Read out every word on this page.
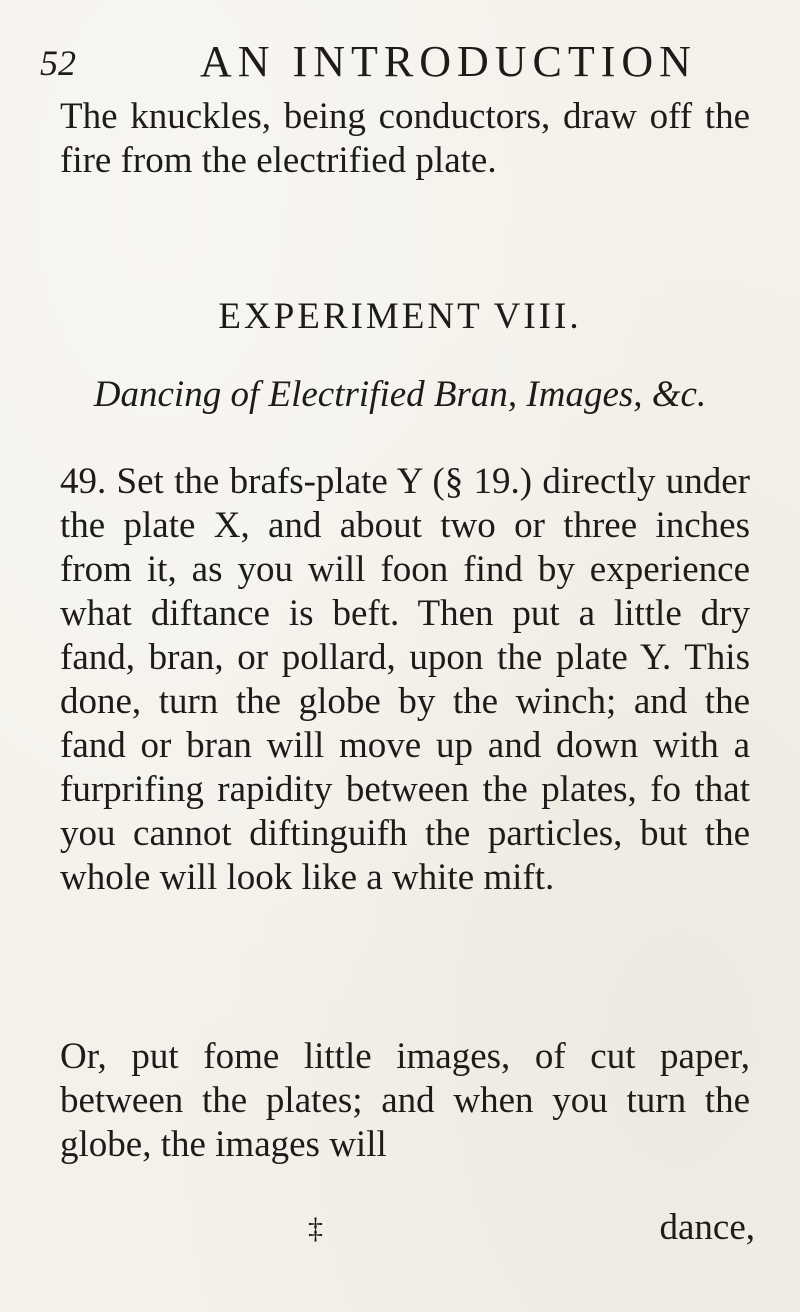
52	AN INTRODUCTION
The knuckles, being conductors, draw off the fire from the electrified plate.
EXPERIMENT VIII.
Dancing of Electrified Bran, Images, &c.
49. Set the brafs-plate Y (§ 19.) directly under the plate X, and about two or three inches from it, as you will foon find by experience what diftance is beft. Then put a little dry fand, bran, or pollard, upon the plate Y. This done, turn the globe by the winch; and the fand or bran will move up and down with a furprifing rapidity between the plates, fo that you cannot diftinguifh the particles, but the whole will look like a white mift.
Or, put fome little images, of cut paper, between the plates; and when you turn the globe, the images will
‡	dance,
